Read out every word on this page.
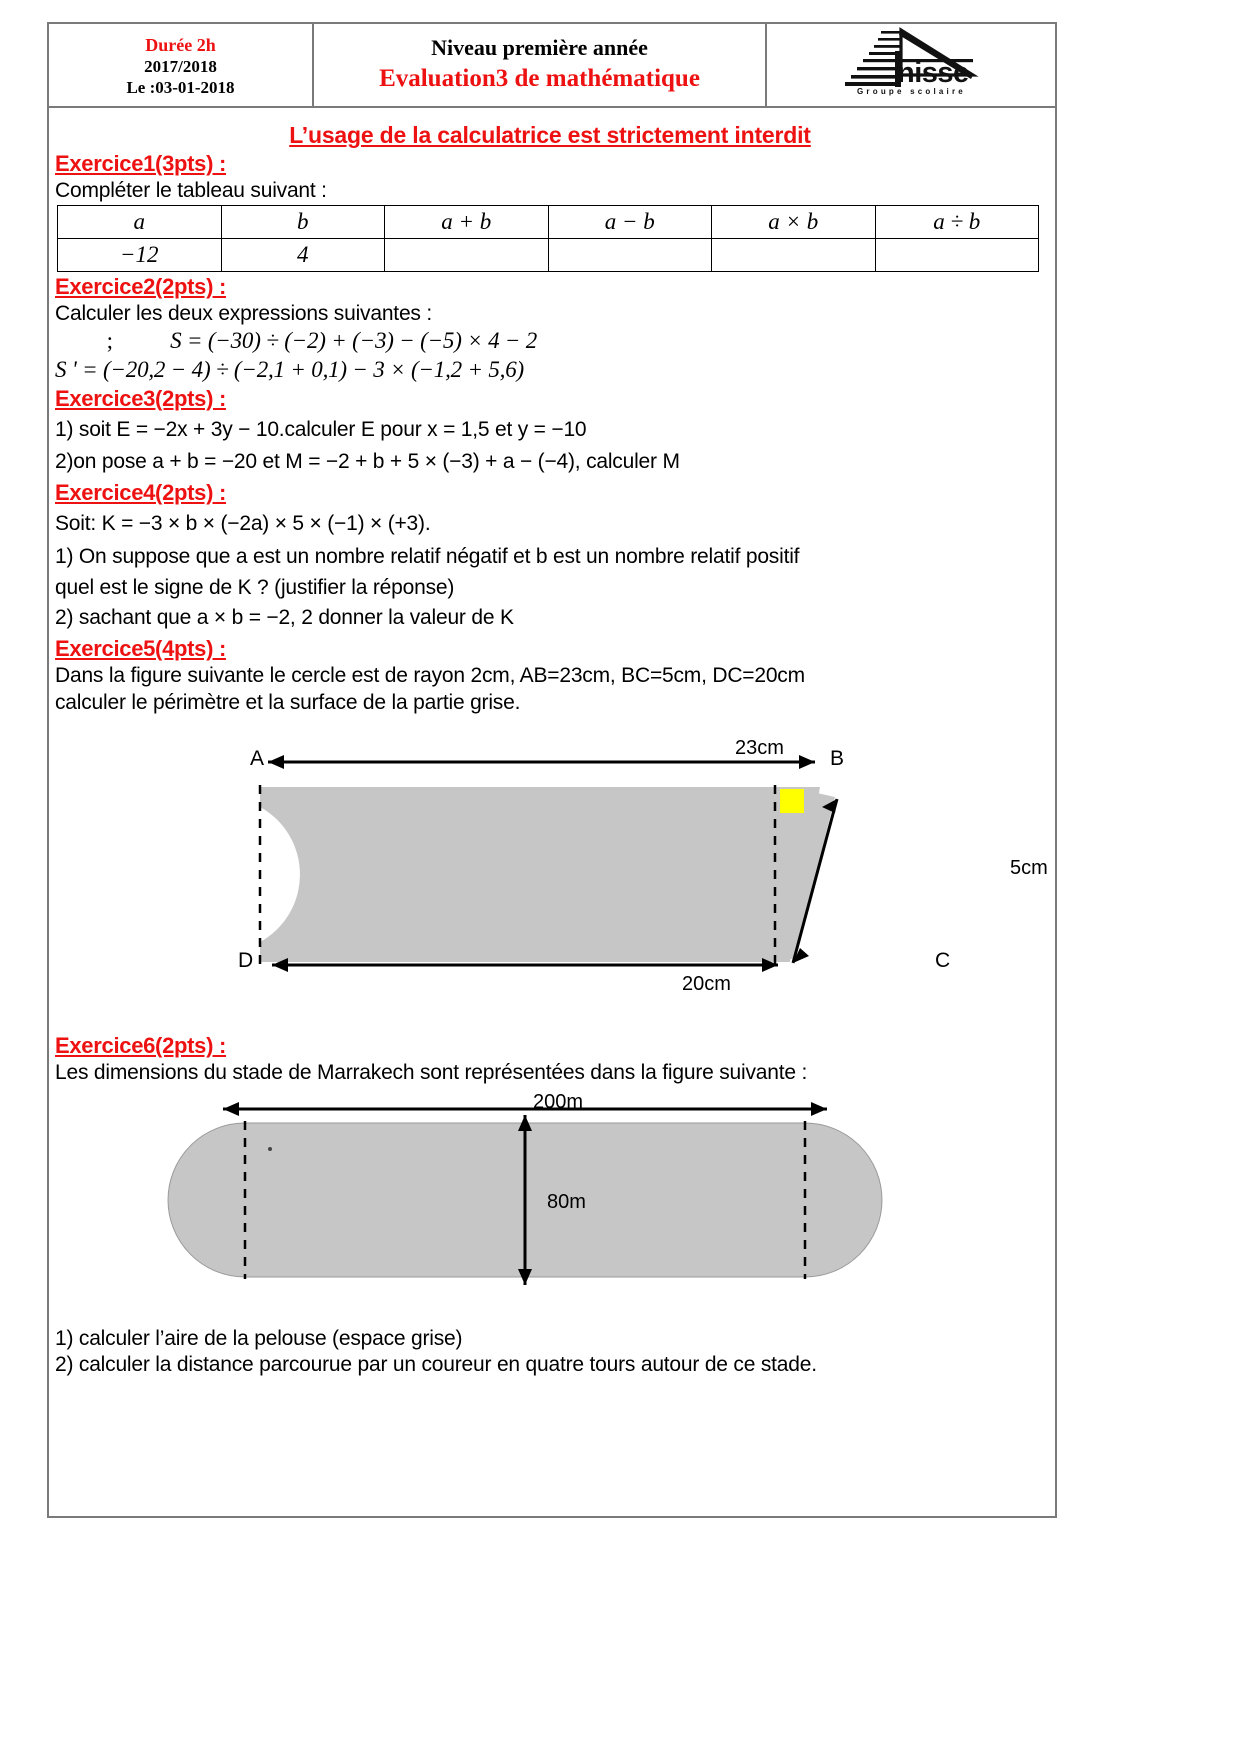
Durée 2h
2017/2018
Le :03-01-2018
Niveau première année
Evaluation3 de mathématique	nisse
Groupe scolaire
L’usage de la calculatrice est strictement interdit
Exercice1(3pts) :
Compléter le tableau suivant :
a	b	a + b	a − b	a × b	a ÷ b
−12	4				
Exercice2(2pts) :
Calculer les deux expressions suivantes :
; S = (−30) ÷ (−2) + (−3) − (−5) × 4 − 2
S ' = (−20,2 − 4) ÷ (−2,1 + 0,1) − 3 × (−1,2 + 5,6)
Exercice3(2pts) :
1) soit E = −2x + 3y − 10.calculer E pour x = 1,5 et y = −10
2)on pose a + b = −20 et M = −2 + b + 5 × (−3) + a − (−4), calculer M
Exercice4(2pts) :
Soit: K = −3 × b × (−2a) × 5 × (−1) × (+3).
1) On suppose que a est un nombre relatif négatif et b est un nombre relatif positif
quel est le signe de K ? (justifier la réponse)
2) sachant que a × b = −2, 2 donner la valeur de K
Exercice5(4pts) :
Dans la figure suivante le cercle est de rayon 2cm, AB=23cm, BC=5cm, DC=20cm
calculer le périmètre et la surface de la partie grise.
23cm
20cm
5cm
A	B
C
D
Exercice6(2pts) :
Les dimensions du stade de Marrakech sont représentées dans la figure suivante :
200m
80m
1) calculer l’aire de la pelouse (espace grise)
2) calculer la distance parcourue par un coureur en quatre tours autour de ce stade.
